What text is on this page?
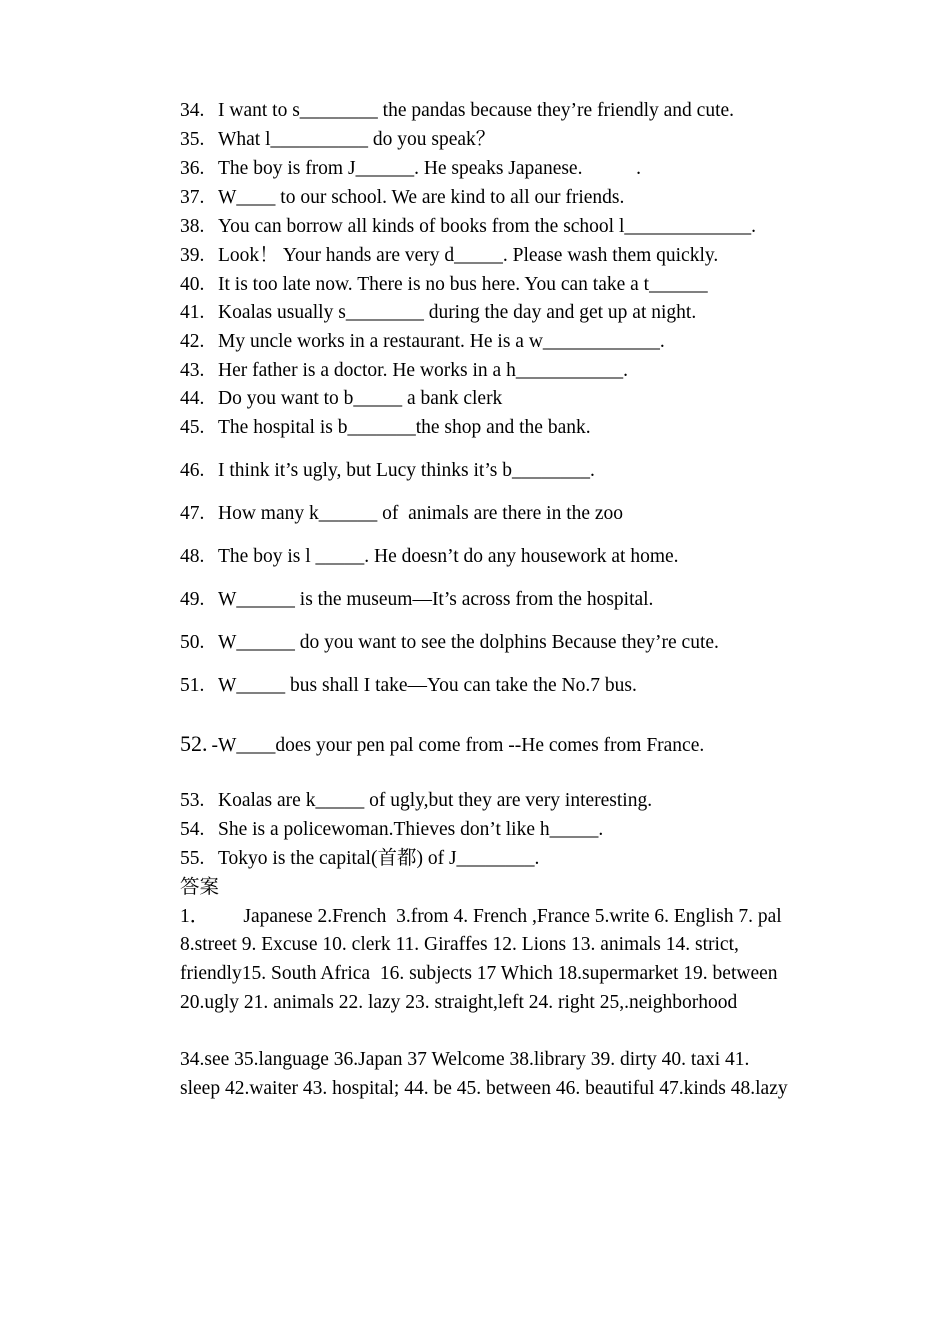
34. I want to s________ the pandas because they’re friendly and cute.
35. What l__________ do you speak？
36. The boy is from J______. He speaks Japanese.           .
37. W____ to our school. We are kind to all our friends.
38. You can borrow all kinds of books from the school l_____________.
39. Look！ Your hands are very d_____. Please wash them quickly.
40. It is too late now. There is no bus here. You can take a t______
41. Koalas usually s________ during the day and get up at night.
42. My uncle works in a restaurant. He is a w____________.
43. Her father is a doctor. He works in a h___________.
44. Do you want to b_____ a bank clerk
45. The hospital is b_______the shop and the bank.
46. I think it’s ugly, but Lucy thinks it’s b________.
47. How many k______ of  animals are there in the zoo
48. The boy is l _____. He doesn’t do any housework at home.
49. W______ is the museum—It’s across from the hospital.
50. W______ do you want to see the dolphins Because they’re cute.
51. W_____ bus shall I take—You can take the No.7 bus.
52. -W____does your pen pal come from --He comes from France.
53. Koalas are k_____ of ugly,but they are very interesting.
54. She is a policewoman.Thieves don’t like h_____.
55. Tokyo is the capital(首都) of J________.
答案
1．       Japanese 2.French  3.from 4. French ,France 5.write 6. English 7. pal
8.street 9. Excuse 10. clerk 11. Giraffes 12. Lions 13. animals 14. strict,
friendly15. South Africa  16. subjects 17 Which 18.supermarket 19. between
20.ugly 21. animals 22. lazy 23. straight,left 24. right 25,.neighborhood
34.see 35.language 36.Japan 37 Welcome 38.library 39. dirty 40. taxi 41.
sleep 42.waiter 43. hospital; 44. be 45. between 46. beautiful 47.kinds 48.lazy
